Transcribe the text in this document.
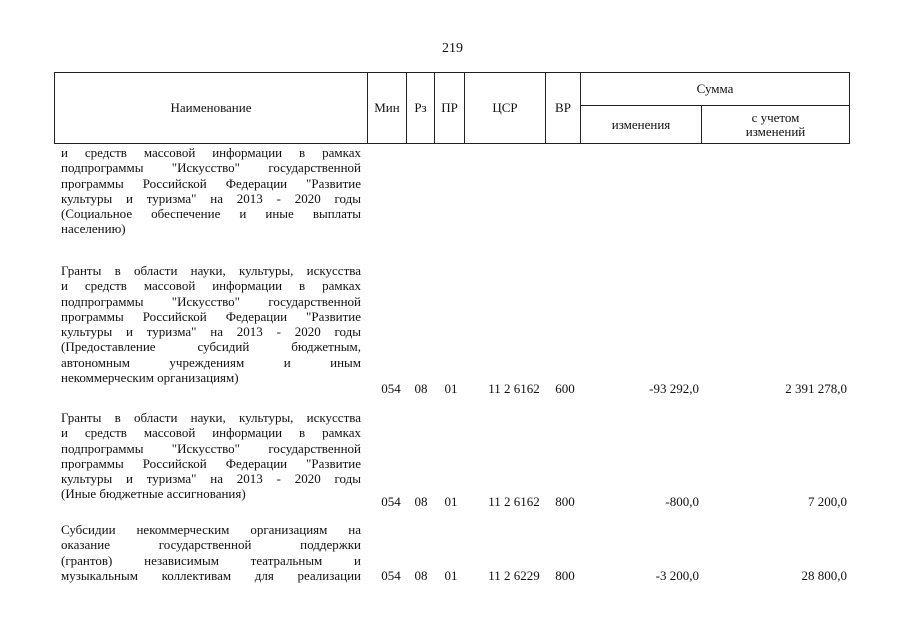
219
Наименование	Мин	Рз	ПР	ЦСР	ВР
Сумма
изменения	с учетом
изменений
и средств массовой информации в рамках
подпрограммы "Искусство" государственной
программы Российской Федерации "Развитие
культуры и туризма" на 2013 - 2020 годы
(Социальное обеспечение и иные выплаты
населению)
Гранты в области науки, культуры, искусства
и средств массовой информации в рамках
подпрограммы "Искусство" государственной
программы Российской Федерации "Развитие
культуры и туризма" на 2013 - 2020 годы
(Предоставление субсидий бюджетным,
автономным учреждениям и иным
некоммерческим организациям)
054	08	01	11 2 6162	600	-93 292,0	2 391 278,0
Гранты в области науки, культуры, искусства
и средств массовой информации в рамках
подпрограммы "Искусство" государственной
программы Российской Федерации "Развитие
культуры и туризма" на 2013 - 2020 годы
(Иные бюджетные ассигнования)
054	08	01	11 2 6162	800	-800,0	7 200,0
Субсидии некоммерческим организациям на
оказание государственной поддержки
(грантов) независимым театральным и
музыкальным коллективам для реализации	054	08	01	11 2 6229	800	-3 200,0	28 800,0
